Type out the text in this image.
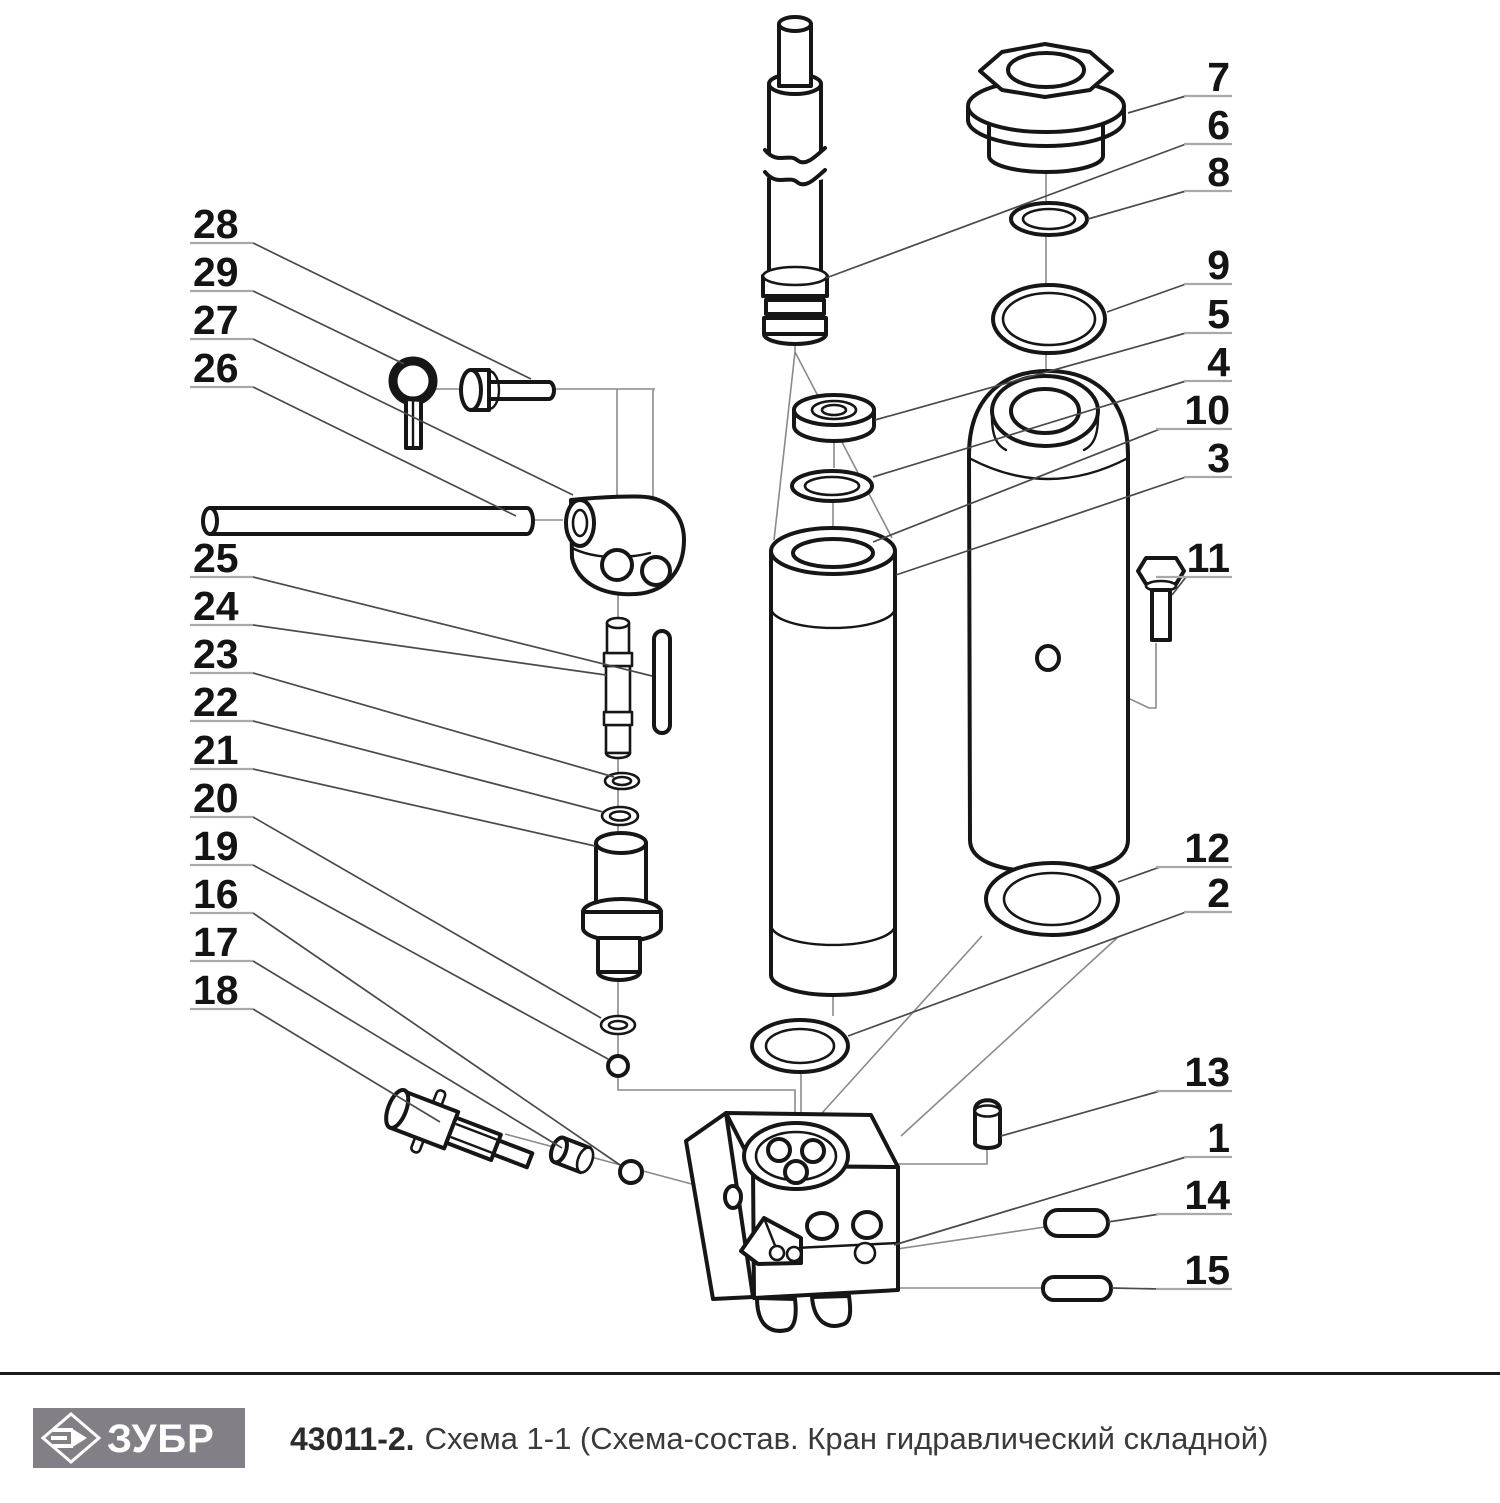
7
6
8
9
5
4
10
3
11
12
2
13
1
14
15
28
29
27
26
25
24
23
22
21
20
19
16
17
18
ЗУБР 43011-2. Схема 1-1 (Схема-состав. Кран гидравлический складной)
